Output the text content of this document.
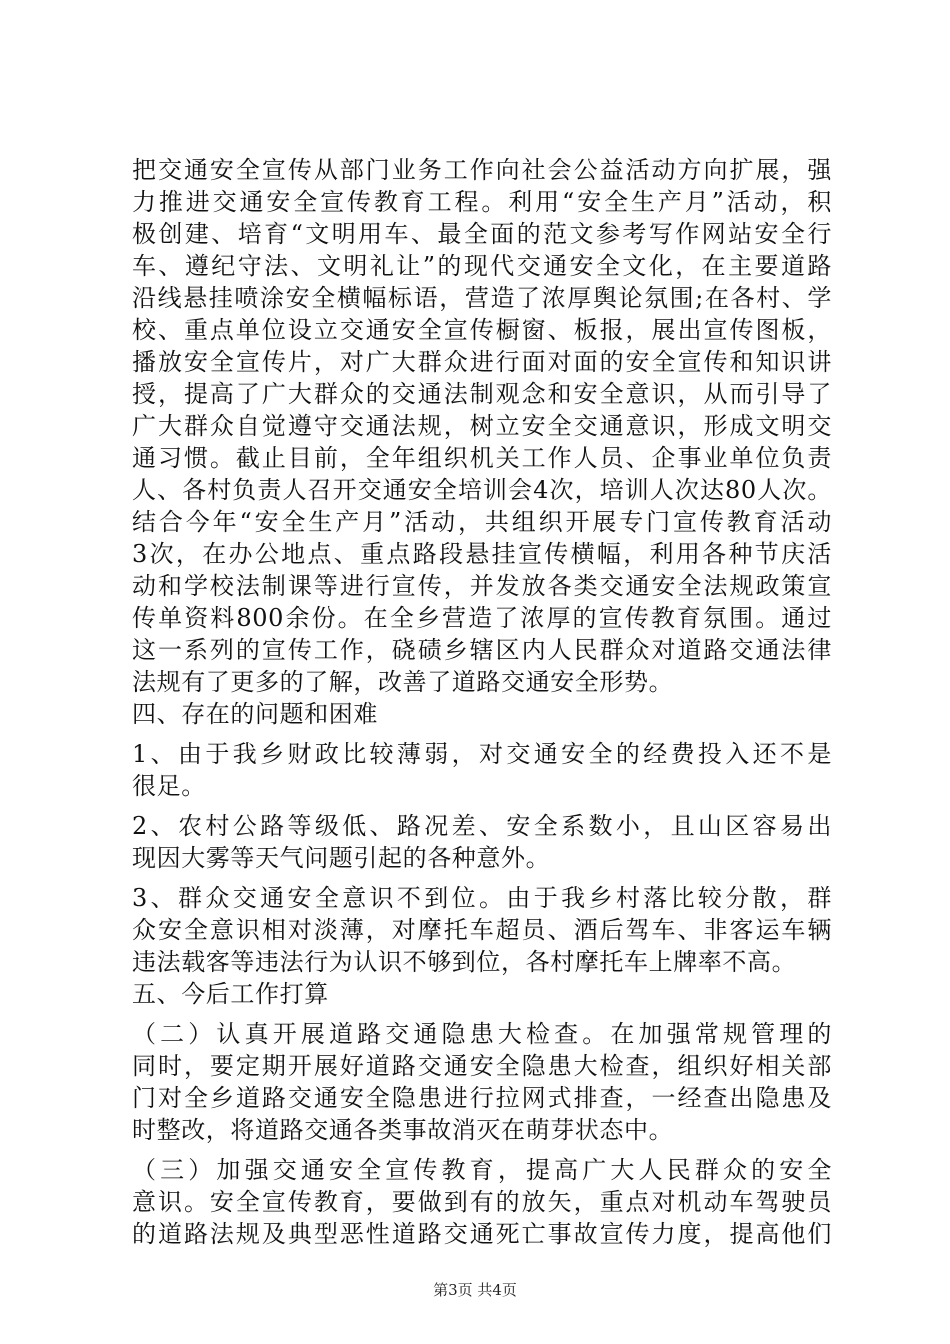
把交通安全宣传从部门业务工作向社会公益活动方向扩展，强
力推进交通安全宣传教育工程。利用“安全生产月”活动，积
极创建、培育“文明用车、最全面的范文参考写作网站安全行
车、遵纪守法、文明礼让”的现代交通安全文化，在主要道路
沿线悬挂喷涂安全横幅标语，营造了浓厚舆论氛围;在各村、学
校、重点单位设立交通安全宣传橱窗、板报，展出宣传图板，
播放安全宣传片，对广大群众进行面对面的安全宣传和知识讲
授，提高了广大群众的交通法制观念和安全意识，从而引导了
广大群众自觉遵守交通法规，树立安全交通意识，形成文明交
通习惯。截止目前，全年组织机关工作人员、企事业单位负责
人、各村负责人召开交通安全培训会4次，培训人次达80人次。
结合今年“安全生产月”活动，共组织开展专门宣传教育活动
3次，在办公地点、重点路段悬挂宣传横幅，利用各种节庆活
动和学校法制课等进行宣传，并发放各类交通安全法规政策宣
传单资料800余份。在全乡营造了浓厚的宣传教育氛围。通过
这一系列的宣传工作，硗碛乡辖区内人民群众对道路交通法律
法规有了更多的了解，改善了道路交通安全形势。
四、存在的问题和困难
1、由于我乡财政比较薄弱，对交通安全的经费投入还不是
很足。
2、农村公路等级低、路况差、安全系数小，且山区容易出
现因大雾等天气问题引起的各种意外。
3、群众交通安全意识不到位。由于我乡村落比较分散，群
众安全意识相对淡薄，对摩托车超员、酒后驾车、非客运车辆
违法载客等违法行为认识不够到位，各村摩托车上牌率不高。
五、今后工作打算
（二）认真开展道路交通隐患大检查。在加强常规管理的
同时，要定期开展好道路交通安全隐患大检查，组织好相关部
门对全乡道路交通安全隐患进行拉网式排查，一经查出隐患及
时整改，将道路交通各类事故消灭在萌芽状态中。
（三）加强交通安全宣传教育，提高广大人民群众的安全
意识。安全宣传教育，要做到有的放矢，重点对机动车驾驶员
的道路法规及典型恶性道路交通死亡事故宣传力度，提高他们
第3页 共4页
